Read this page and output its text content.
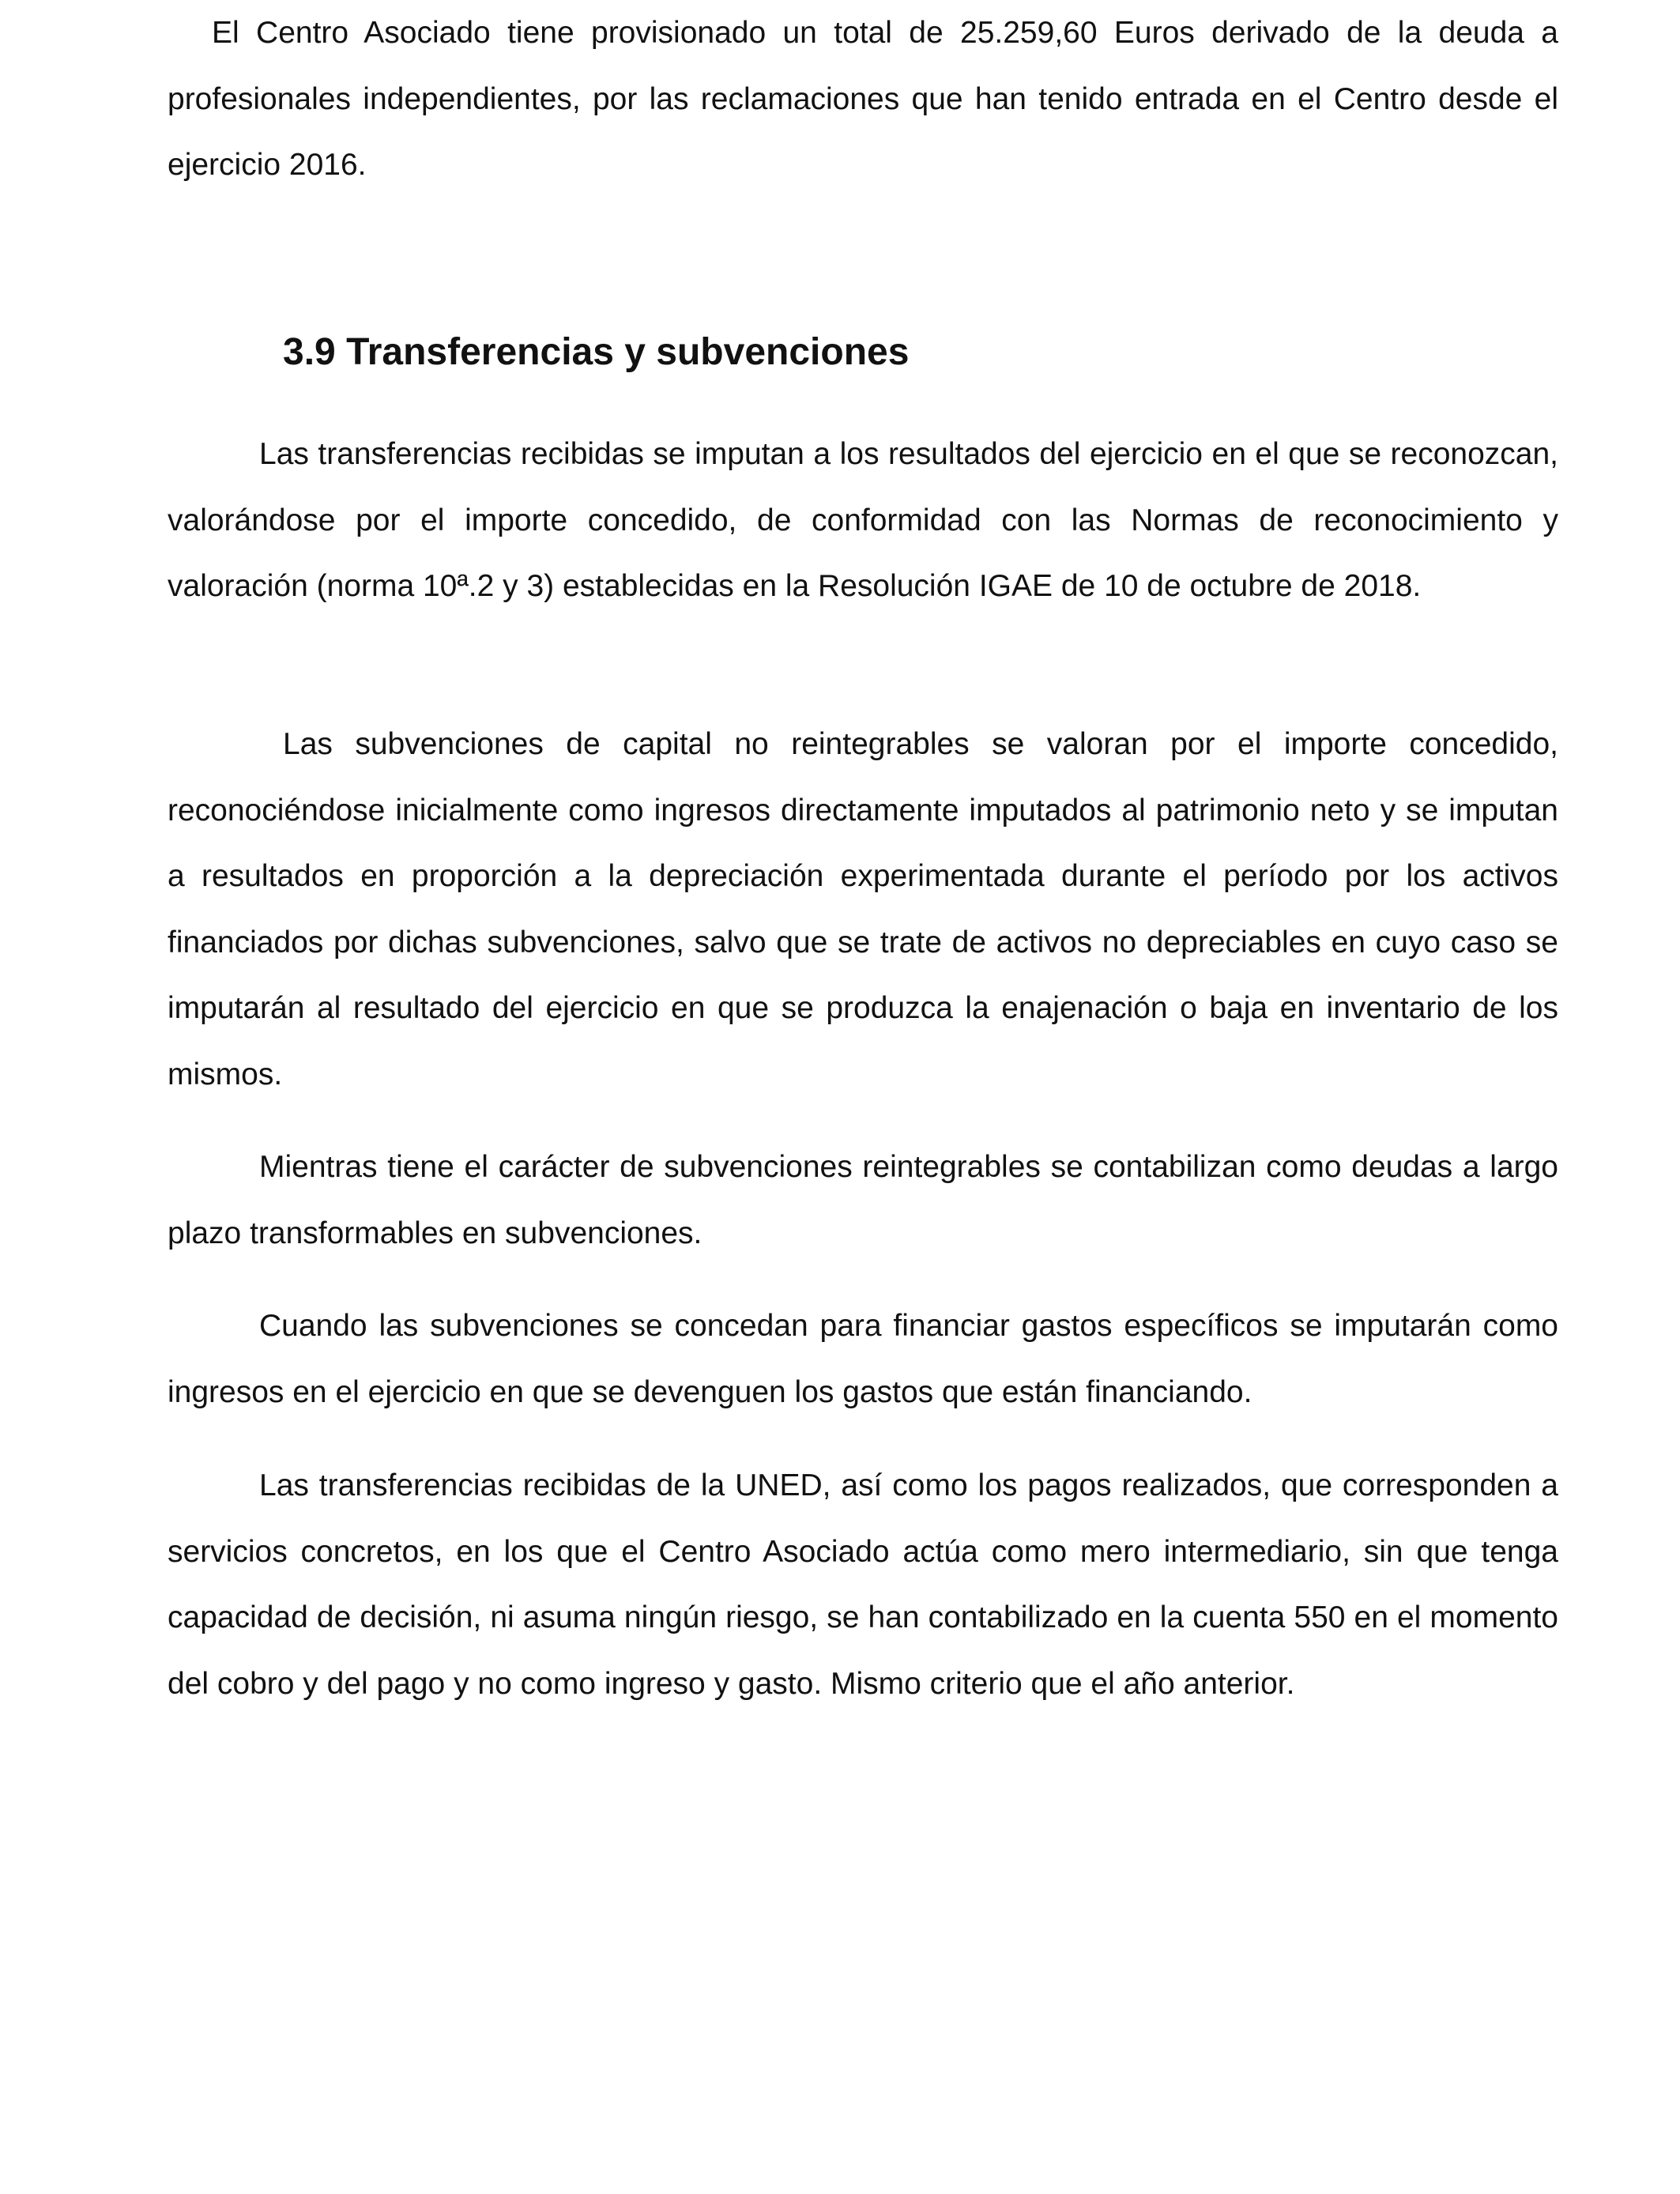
El Centro Asociado tiene provisionado un total de 25.259,60 Euros derivado de la deuda a profesionales independientes, por las reclamaciones que han tenido entrada en el Centro desde el ejercicio 2016.

3.9 Transferencias y subvenciones

Las transferencias recibidas se imputan a los resultados del ejercicio en el que se reconozcan, valorándose por el importe concedido, de conformidad con las Normas de reconocimiento y valoración (norma 10ª.2 y 3) establecidas en la Resolución IGAE de 10 de octubre de 2018.

Las subvenciones de capital no reintegrables se valoran por el importe concedido, reconociéndose inicialmente como ingresos directamente imputados al patrimonio neto y se imputan a resultados en proporción a la depreciación experimentada durante el período por los activos financiados por dichas subvenciones, salvo que se trate de activos no depreciables en cuyo caso se imputarán al resultado del ejercicio en que se produzca la enajenación o baja en inventario de los mismos.

Mientras tiene el carácter de subvenciones reintegrables se contabilizan como deudas a largo plazo transformables en subvenciones.

Cuando las subvenciones se concedan para financiar gastos específicos se imputarán como ingresos en el ejercicio en que se devenguen los gastos que están financiando.

Las transferencias recibidas de la UNED, así como los pagos realizados, que corresponden a servicios concretos, en los que el Centro Asociado actúa como mero intermediario, sin que tenga capacidad de decisión, ni asuma ningún riesgo, se han contabilizado en la cuenta 550 en el momento del cobro y del pago y no como ingreso y gasto. Mismo criterio que el año anterior.
